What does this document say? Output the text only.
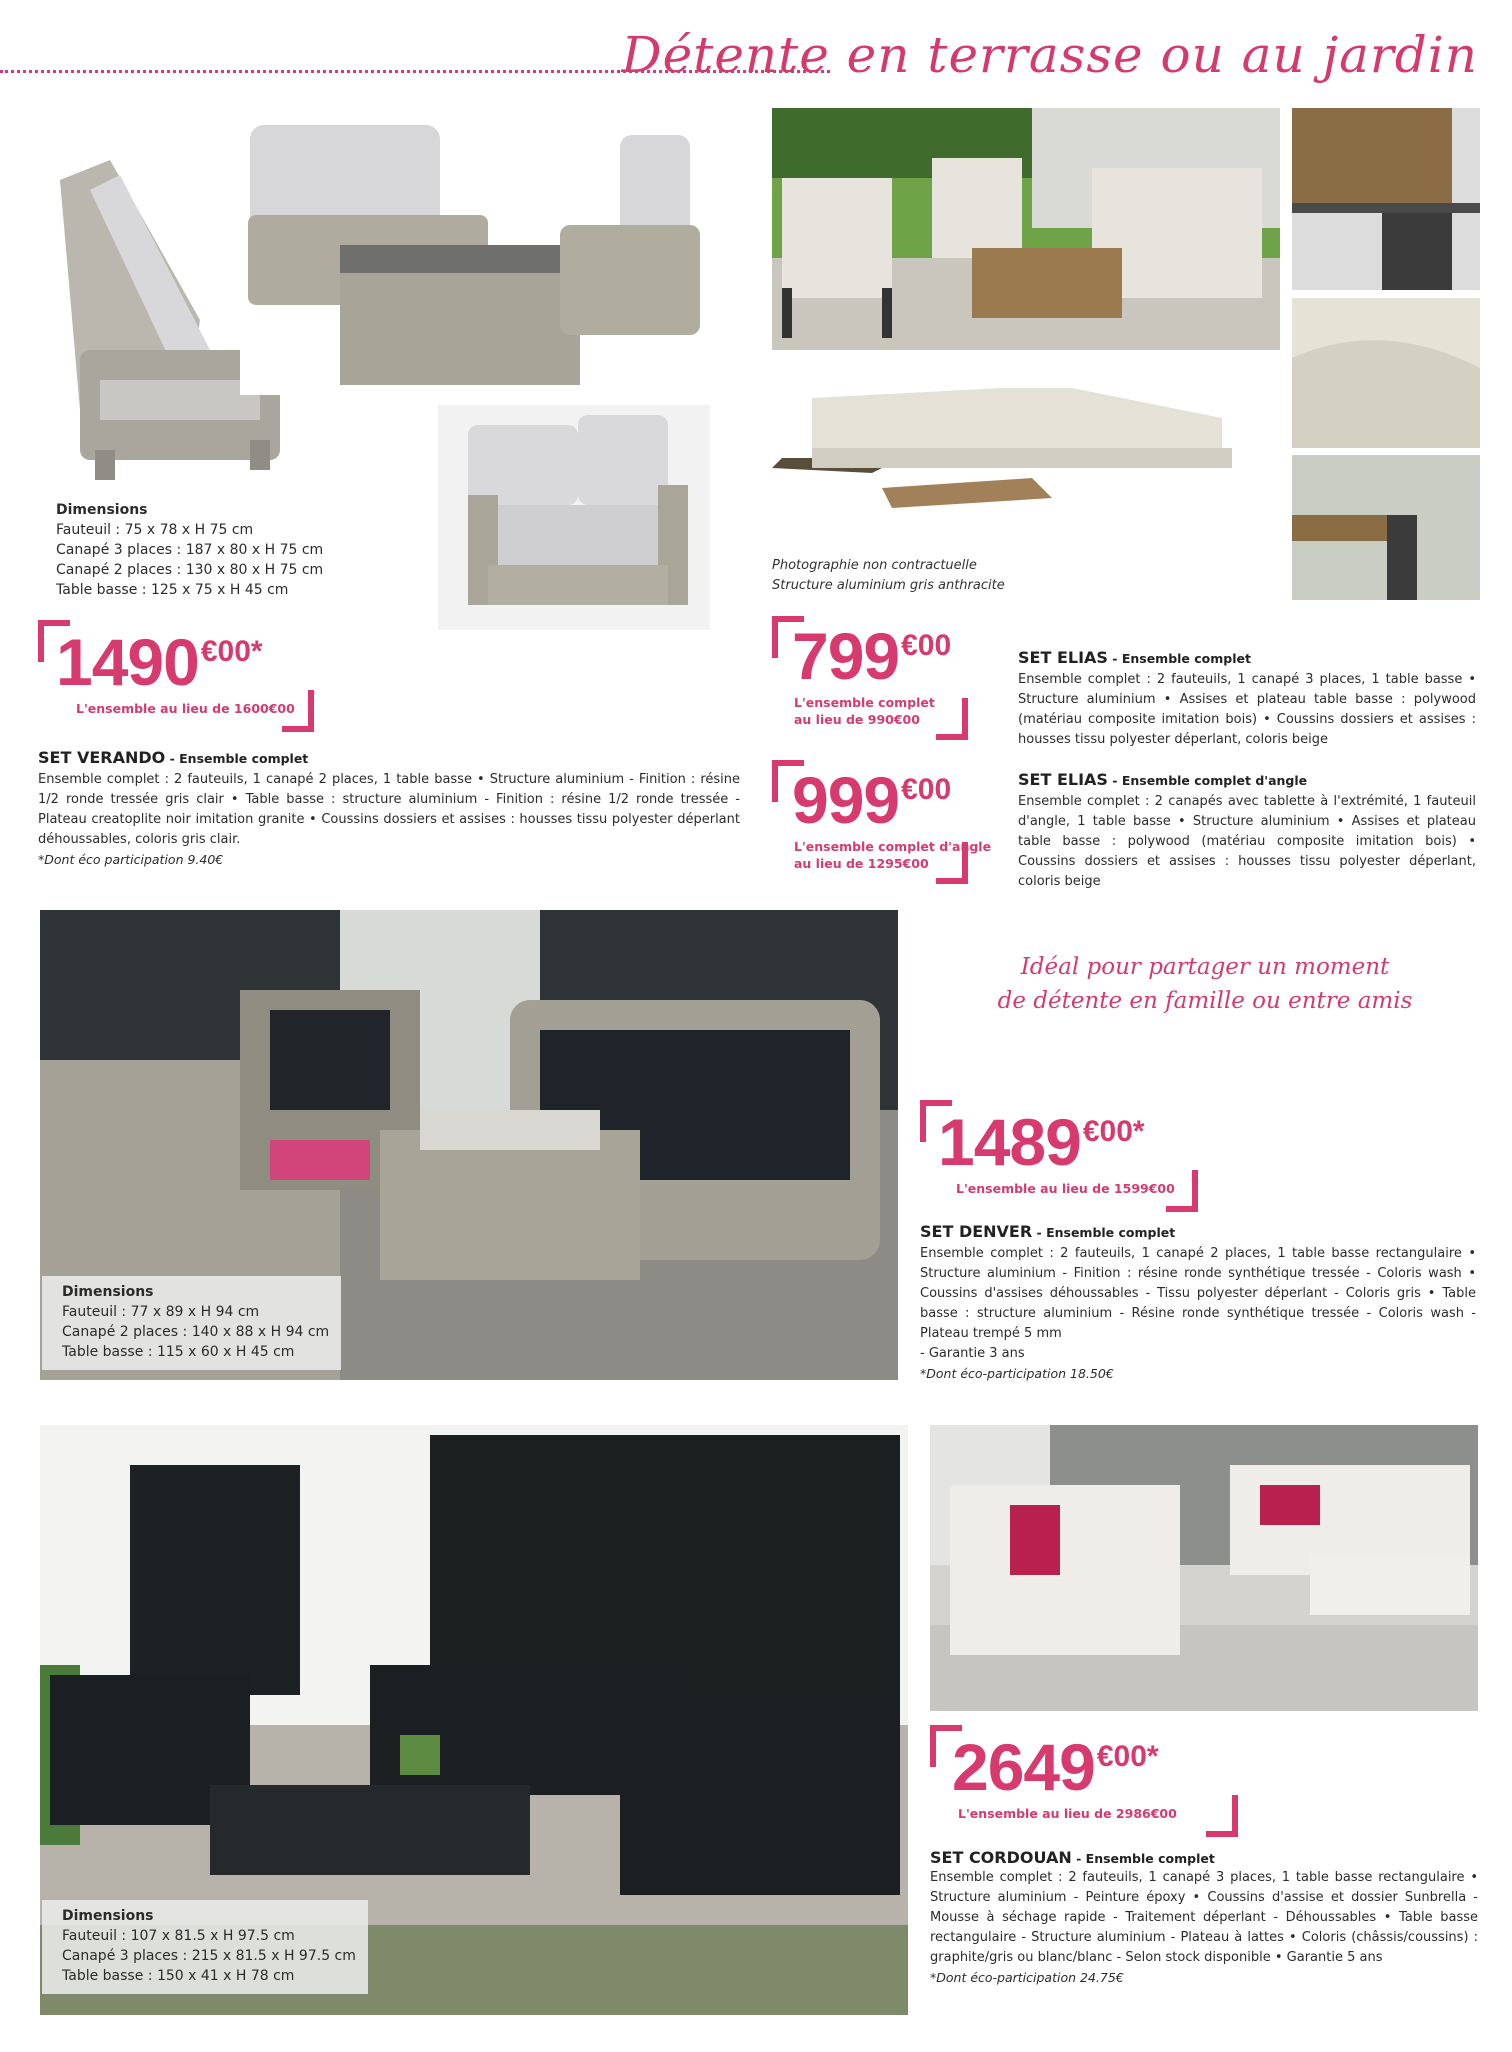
Détente en terrasse ou au jardin
Dimensions
Fauteuil : 75 x 78 x H 75 cm
Canapé 3 places : 187 x 80 x H 75 cm
Canapé 2 places : 130 x 80 x H 75 cm
Table basse : 125 x 75 x H 45 cm
1490€00*
L'ensemble au lieu de 1600€00
SET VERANDO - Ensemble complet
Ensemble complet : 2 fauteuils, 1 canapé 2 places, 1 table basse • Structure aluminium - Finition : résine 1/2 ronde tressée gris clair • Table basse : structure aluminium - Finition : résine 1/2 ronde tressée - Plateau creatoplite noir imitation granite • Coussins dossiers et assises : housses tissu polyester déperlant déhoussables, coloris gris clair.
*Dont éco participation 9.40€
Photographie non contractuelle
Structure aluminium gris anthracite
799€00
L'ensemble complet
au lieu de 990€00
SET ELIAS - Ensemble complet
Ensemble complet : 2 fauteuils, 1 canapé 3 places, 1 table basse • Structure aluminium • Assises et plateau table basse : polywood (matériau composite imitation bois) • Coussins dossiers et assises : housses tissu polyester déperlant, coloris beige
999€00
L'ensemble complet d'angle
au lieu de 1295€00
SET ELIAS - Ensemble complet d'angle
Ensemble complet : 2 canapés avec tablette à l'extrémité, 1 fauteuil d'angle, 1 table basse • Structure aluminium • Assises et plateau table basse : polywood (matériau composite imitation bois) • Coussins dossiers et assises : housses tissu polyester déperlant, coloris beige
Dimensions
Fauteuil : 77 x 89 x H 94 cm
Canapé 2 places : 140 x 88 x H 94 cm
Table basse : 115 x 60 x H 45 cm
Idéal pour partager un moment
de détente en famille ou entre amis
1489€00*
L'ensemble au lieu de 1599€00
SET DENVER - Ensemble complet
Ensemble complet : 2 fauteuils, 1 canapé 2 places, 1 table basse rectangulaire • Structure aluminium - Finition : résine ronde synthétique tressée - Coloris wash • Coussins d'assises déhoussables - Tissu polyester déperlant - Coloris gris • Table basse : structure aluminium - Résine ronde synthétique tressée - Coloris wash - Plateau trempé 5 mm
- Garantie 3 ans
*Dont éco-participation 18.50€
Dimensions
Fauteuil : 107 x 81.5 x H 97.5 cm
Canapé 3 places : 215 x 81.5 x H 97.5 cm
Table basse : 150 x 41 x H 78 cm
2649€00*
L'ensemble au lieu de 2986€00
SET CORDOUAN - Ensemble complet
Ensemble complet : 2 fauteuils, 1 canapé 3 places, 1 table basse rectangulaire • Structure aluminium - Peinture époxy • Coussins d'assise et dossier Sunbrella - Mousse à séchage rapide - Traitement déperlant - Déhoussables • Table basse rectangulaire - Structure aluminium - Plateau à lattes • Coloris (châssis/coussins) : graphite/gris ou blanc/blanc - Selon stock disponible • Garantie 5 ans
*Dont éco-participation 24.75€
